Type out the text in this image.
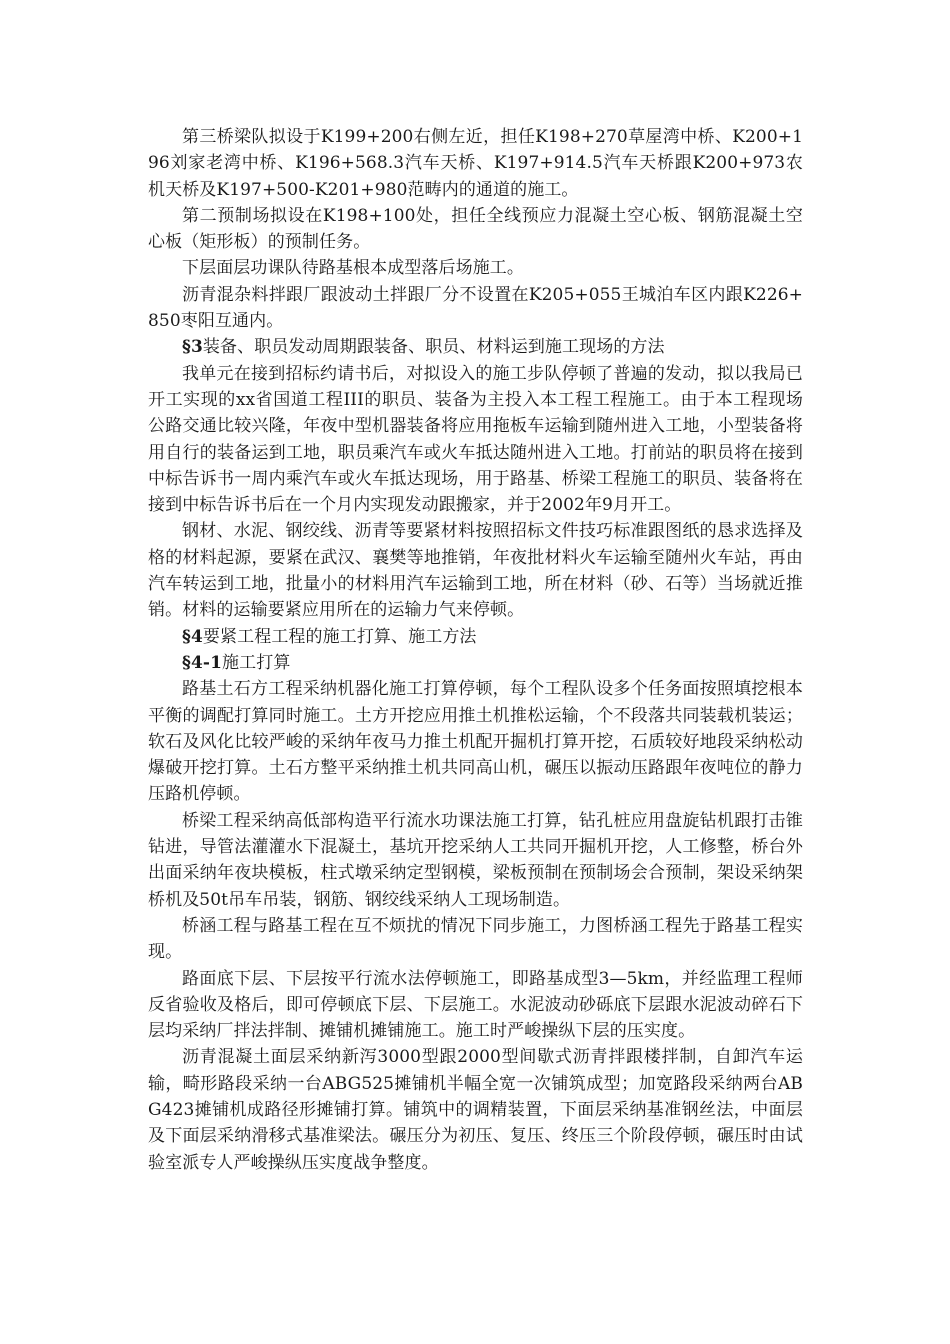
第三桥梁队拟设于K199+200右侧左近，担任K198+270草屋湾中桥、K200+196刘家老湾中桥、K196+568.3汽车天桥、K197+914.5汽车天桥跟K200+973农机天桥及K197+500-K201+980范畴内的通道的施工。

第二预制场拟设在K198+100处，担任全线预应力混凝土空心板、钢筋混凝土空心板（矩形板）的预制任务。

下层面层功课队待路基根本成型落后场施工。

沥青混杂料拌跟厂跟波动土拌跟厂分不设置在K205+055王城泊车区内跟K226+850枣阳互通内。

§3装备、职员发动周期跟装备、职员、材料运到施工现场的方法

我单元在接到招标约请书后，对拟设入的施工步队停顿了普遍的发动，拟以我局已开工实现的xx省国道工程III的职员、装备为主投入本工程工程施工。由于本工程现场公路交通比较兴隆，年夜中型机器装备将应用拖板车运输到随州进入工地，小型装备将用自行的装备运到工地，职员乘汽车或火车抵达随州进入工地。打前站的职员将在接到中标告诉书一周内乘汽车或火车抵达现场，用于路基、桥梁工程施工的职员、装备将在接到中标告诉书后在一个月内实现发动跟搬家，并于2002年9月开工。

钢材、水泥、钢绞线、沥青等要紧材料按照招标文件技巧标准跟图纸的恳求选择及格的材料起源，要紧在武汉、襄樊等地推销，年夜批材料火车运输至随州火车站，再由汽车转运到工地，批量小的材料用汽车运输到工地，所在材料（砂、石等）当场就近推销。材料的运输要紧应用所在的运输力气来停顿。

§4要紧工程工程的施工打算、施工方法

§4-1施工打算

路基土石方工程采纳机器化施工打算停顿，每个工程队设多个任务面按照填挖根本平衡的调配打算同时施工。土方开挖应用推土机推松运输，个不段落共同装载机装运；软石及风化比较严峻的采纳年夜马力推土机配开掘机打算开挖，石质较好地段采纳松动爆破开挖打算。土石方整平采纳推土机共同高山机，碾压以振动压路跟年夜吨位的静力压路机停顿。

桥梁工程采纳高低部构造平行流水功课法施工打算，钻孔桩应用盘旋钻机跟打击锥钻进，导管法灌灌水下混凝土，基坑开挖采纳人工共同开掘机开挖，人工修整，桥台外出面采纳年夜块模板，柱式墩采纳定型钢模，梁板预制在预制场会合预制，架设采纳架桥机及50t吊车吊装，钢筋、钢绞线采纳人工现场制造。

桥涵工程与路基工程在互不烦扰的情况下同步施工，力图桥涵工程先于路基工程实现。

路面底下层、下层按平行流水法停顿施工，即路基成型3—5km，并经监理工程师反省验收及格后，即可停顿底下层、下层施工。水泥波动砂砾底下层跟水泥波动碎石下层均采纳厂拌法拌制、摊铺机摊铺施工。施工时严峻操纵下层的压实度。

沥青混凝土面层采纳新泻3000型跟2000型间歇式沥青拌跟楼拌制，自卸汽车运输，畸形路段采纳一台ABG525摊铺机半幅全宽一次铺筑成型；加宽路段采纳两台ABG423摊铺机成路径形摊铺打算。铺筑中的调精装置，下面层采纳基准钢丝法，中面层及下面层采纳滑移式基准梁法。碾压分为初压、复压、终压三个阶段停顿，碾压时由试验室派专人严峻操纵压实度战争整度。
